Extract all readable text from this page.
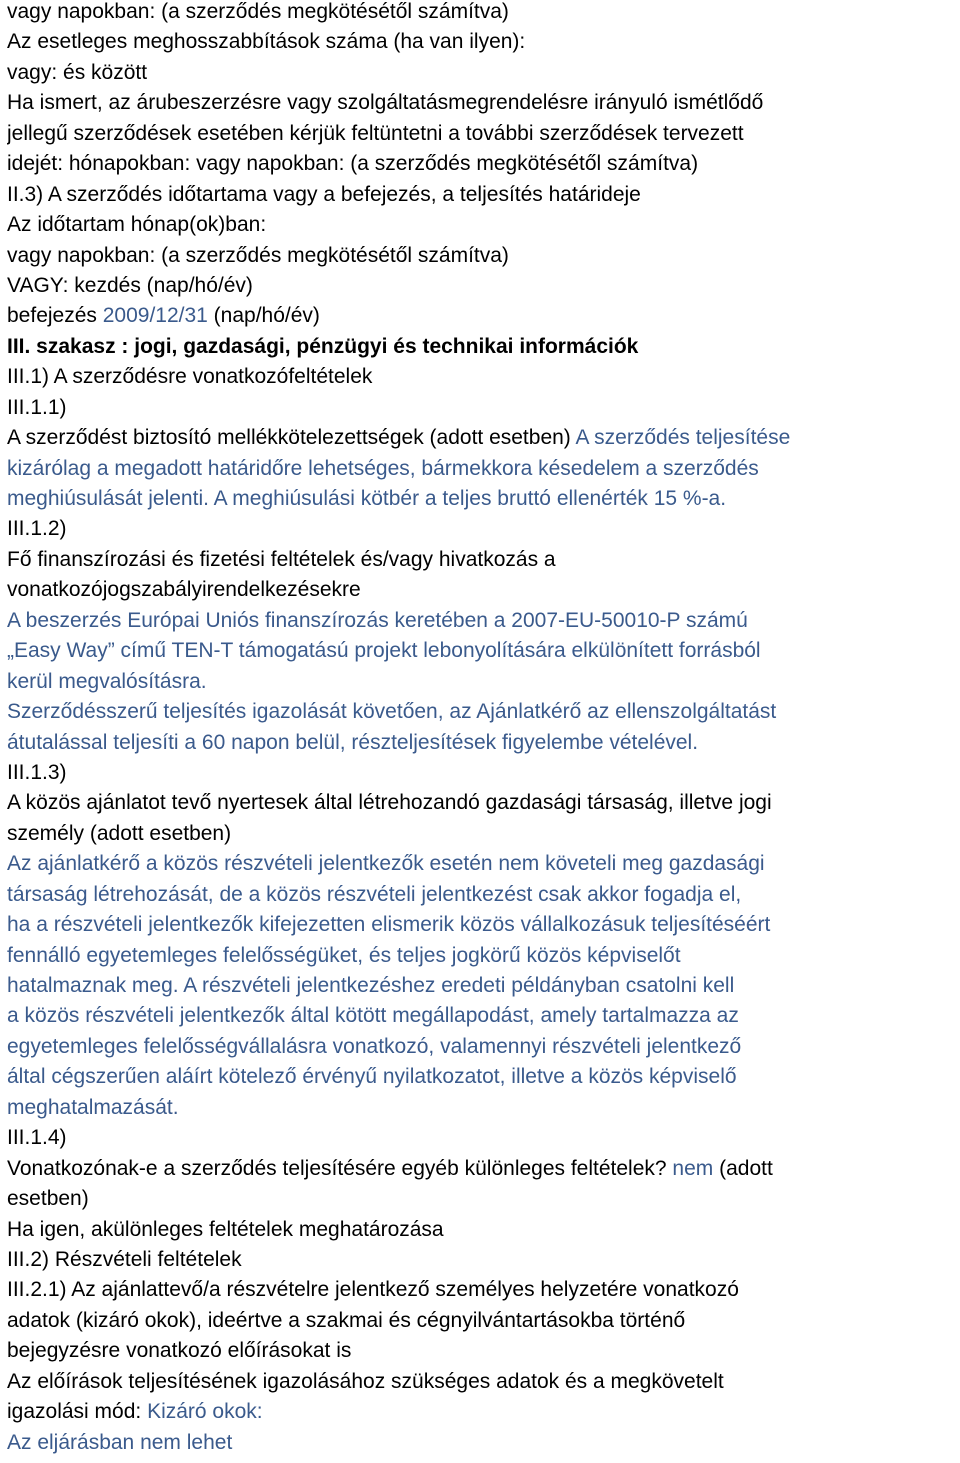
vagy napokban: (a szerződés megkötésétől számítva)
Az esetleges meghosszabbítások száma (ha van ilyen):
vagy: és között
Ha ismert, az árubeszerzésre vagy szolgáltatásmegrendelésre irányuló ismétlődő
jellegű szerződések esetében kérjük feltüntetni a további szerződések tervezett
idejét: hónapokban: vagy napokban: (a szerződés megkötésétől számítva)
II.3) A szerződés időtartama vagy a befejezés, a teljesítés határideje
Az időtartam hónap(ok)ban:
vagy napokban: (a szerződés megkötésétől számítva)
VAGY: kezdés (nap/hó/év)
befejezés 2009/12/31 (nap/hó/év)
III. szakasz : jogi, gazdasági, pénzügyi és technikai információk
III.1) A szerződésre vonatkozófeltételek
III.1.1)
A szerződést biztosító mellékkötelezettségek (adott esetben) A szerződés teljesítése
kizárólag a megadott határidőre lehetséges, bármekkora késedelem a szerződés
meghiúsulását jelenti. A meghiúsulási kötbér a teljes bruttó ellenérték 15 %-a.
III.1.2)
Fő finanszírozási és fizetési feltételek és/vagy hivatkozás a
vonatkozójogszabályirendelkezésekre
A beszerzés Európai Uniós finanszírozás keretében a 2007-EU-50010-P számú
„Easy Way” című TEN-T támogatású projekt lebonyolítására elkülönített forrásból
kerül megvalósításra.
Szerződésszerű teljesítés igazolását követően, az Ajánlatkérő az ellenszolgáltatást
átutalással teljesíti a 60 napon belül, részteljesítések figyelembe vételével.
III.1.3)
A közös ajánlatot tevő nyertesek által létrehozandó gazdasági társaság, illetve jogi
személy (adott esetben)
Az ajánlatkérő a közös részvételi jelentkezők esetén nem követeli meg gazdasági
társaság létrehozását, de a közös részvételi jelentkezést csak akkor fogadja el,
ha a részvételi jelentkezők kifejezetten elismerik közös vállalkozásuk teljesítéséért
fennálló egyetemleges felelősségüket, és teljes jogkörű közös képviselőt
hatalmaznak meg. A részvételi jelentkezéshez eredeti példányban csatolni kell
a közös részvételi jelentkezők által kötött megállapodást, amely tartalmazza az
egyetemleges felelősségvállalásra vonatkozó, valamennyi részvételi jelentkező
által cégszerűen aláírt kötelező érvényű nyilatkozatot, illetve a közös képviselő
meghatalmazását.
III.1.4)
Vonatkozónak-e a szerződés teljesítésére egyéb különleges feltételek? nem (adott
esetben)
Ha igen, akülönleges feltételek meghatározása
III.2) Részvételi feltételek
III.2.1) Az ajánlattevő/a részvételre jelentkező személyes helyzetére vonatkozó
adatok (kizáró okok), ideértve a szakmai és cégnyilvántartásokba történő
bejegyzésre vonatkozó előírásokat is
Az előírások teljesítésének igazolásához szükséges adatok és a megkövetelt
igazolási mód: Kizáró okok:
Az eljárásban nem lehet
